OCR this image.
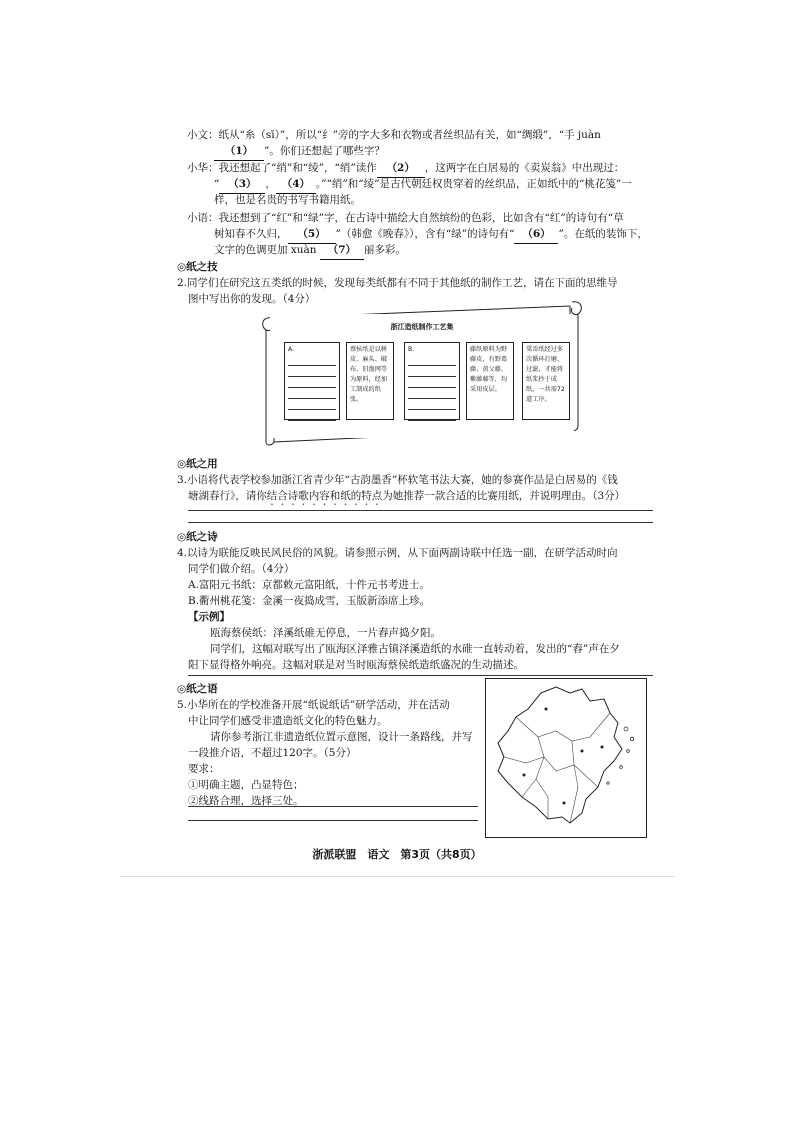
小文：纸从“糸（sī）”，所以“纟”旁的字大多和衣物或者丝织品有关，如“绸缎”，“手 juàn
（1） ”。你们还想起了哪些字？
小华：我还想起了“绡”和“绫”，“绡”读作 （2） ，这两字在白居易的《卖炭翁》中出现过：
“ （3） ， （4） 。”“绡”和“绫”是古代朝廷权贵穿着的丝织品，正如纸中的“桃花笺”一
样，也是名贵的书写书籍用纸。
小语：我还想到了“红”和“绿”字，在古诗中描绘大自然缤纷的色彩，比如含有“红”的诗句有“草
树知春不久归， （5） ”（韩愈《晚春》），含有“绿”的诗句有“ （6） ”。在纸的装饰下，
文字的色调更加 xuàn （7） 丽多彩。
◎纸之技
2.同学们在研究这五类纸的时候，发现每类纸都有不同于其他纸的制作工艺，请在下面的思维导
图中写出你的发现。（4分）
浙江造纸制作工艺集
A.	蔡侯纸是以树皮、麻头、破布、旧渔网等为原料，经加工制成的纸张。
B.	藤纸原料为野藤皮，有野葛藤、黄父藤、紫藤藤等，均采用皮层。
棠岙纸经过多次循环打磨、过滤，才能将纸浆抄于成纸，一共需72道工序。
◎纸之用
3.小语将代表学校参加浙江省青少年“古韵墨香”杯软笔书法大赛，她的参赛作品是白居易的《钱
塘湖春行》，请你结合诗歌内容和纸的特点为她推荐一款合适的比赛用纸，并说明理由。（3分）
◎纸之诗
4.以诗为联能反映民风民俗的风貌。请参照示例，从下面两副诗联中任选一副，在研学活动时向
同学们做介绍。（4分）
A.富阳元书纸：京都敕元富阳纸，十件元书考进士。
B.衢州桃花笺：金溪一夜捣成雪，玉版新添席上珍。
【示例】
瓯海蔡侯纸：泽溪纸碓无停息，一片舂声捣夕阳。
同学们，这幅对联写出了瓯海区泽雅古镇泽溪造纸的水碓一直转动着，发出的“舂”声在夕
阳下显得格外响亮。这幅对联是对当时瓯海蔡侯纸造纸盛况的生动描述。
◎纸之语
5.小华所在的学校准备开展“纸说纸话”研学活动，并在活动
中让同学们感受非遗造纸文化的特色魅力。
请你参考浙江非遗造纸位置示意图，设计一条路线，并写
一段推介语，不超过120字。（5分）
要求：
①明确主题，凸显特色；
②线路合理，选择三处。
浙派联盟　语文　第3页（共8页）
